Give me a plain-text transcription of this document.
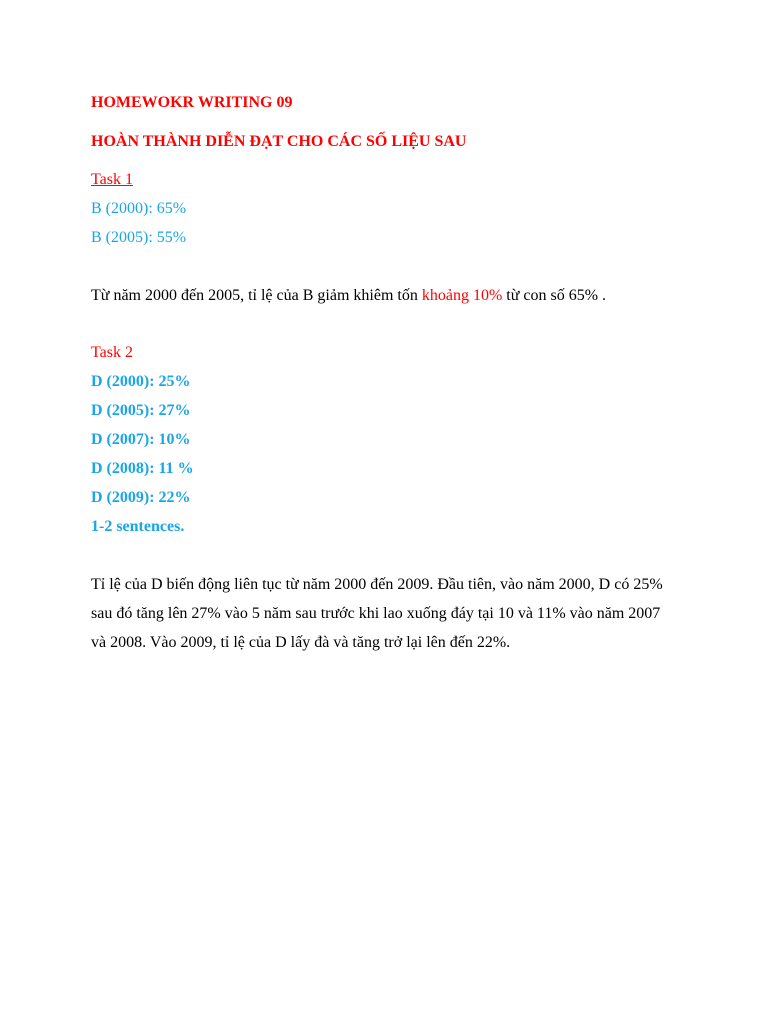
HOMEWOKR WRITING 09
HOÀN THÀNH DIỄN ĐẠT CHO CÁC SỐ LIỆU SAU
Task 1
B (2000): 65%
B (2005): 55%
Từ năm 2000 đến 2005, tỉ lệ của B giảm khiêm tốn khoảng 10% từ con số 65% .
Task 2
D (2000): 25%
D (2005): 27%
D (2007): 10%
D (2008): 11 %
D (2009): 22%
1-2 sentences.
Tỉ lệ của D biến động liên tục từ năm 2000 đến 2009. Đầu tiên, vào năm 2000, D có 25%
sau đó tăng lên 27% vào 5 năm sau trước khi lao xuống đáy tại 10 và 11% vào năm 2007
và 2008. Vào 2009, tỉ lệ của D lấy đà và tăng trở lại lên đến 22%.
